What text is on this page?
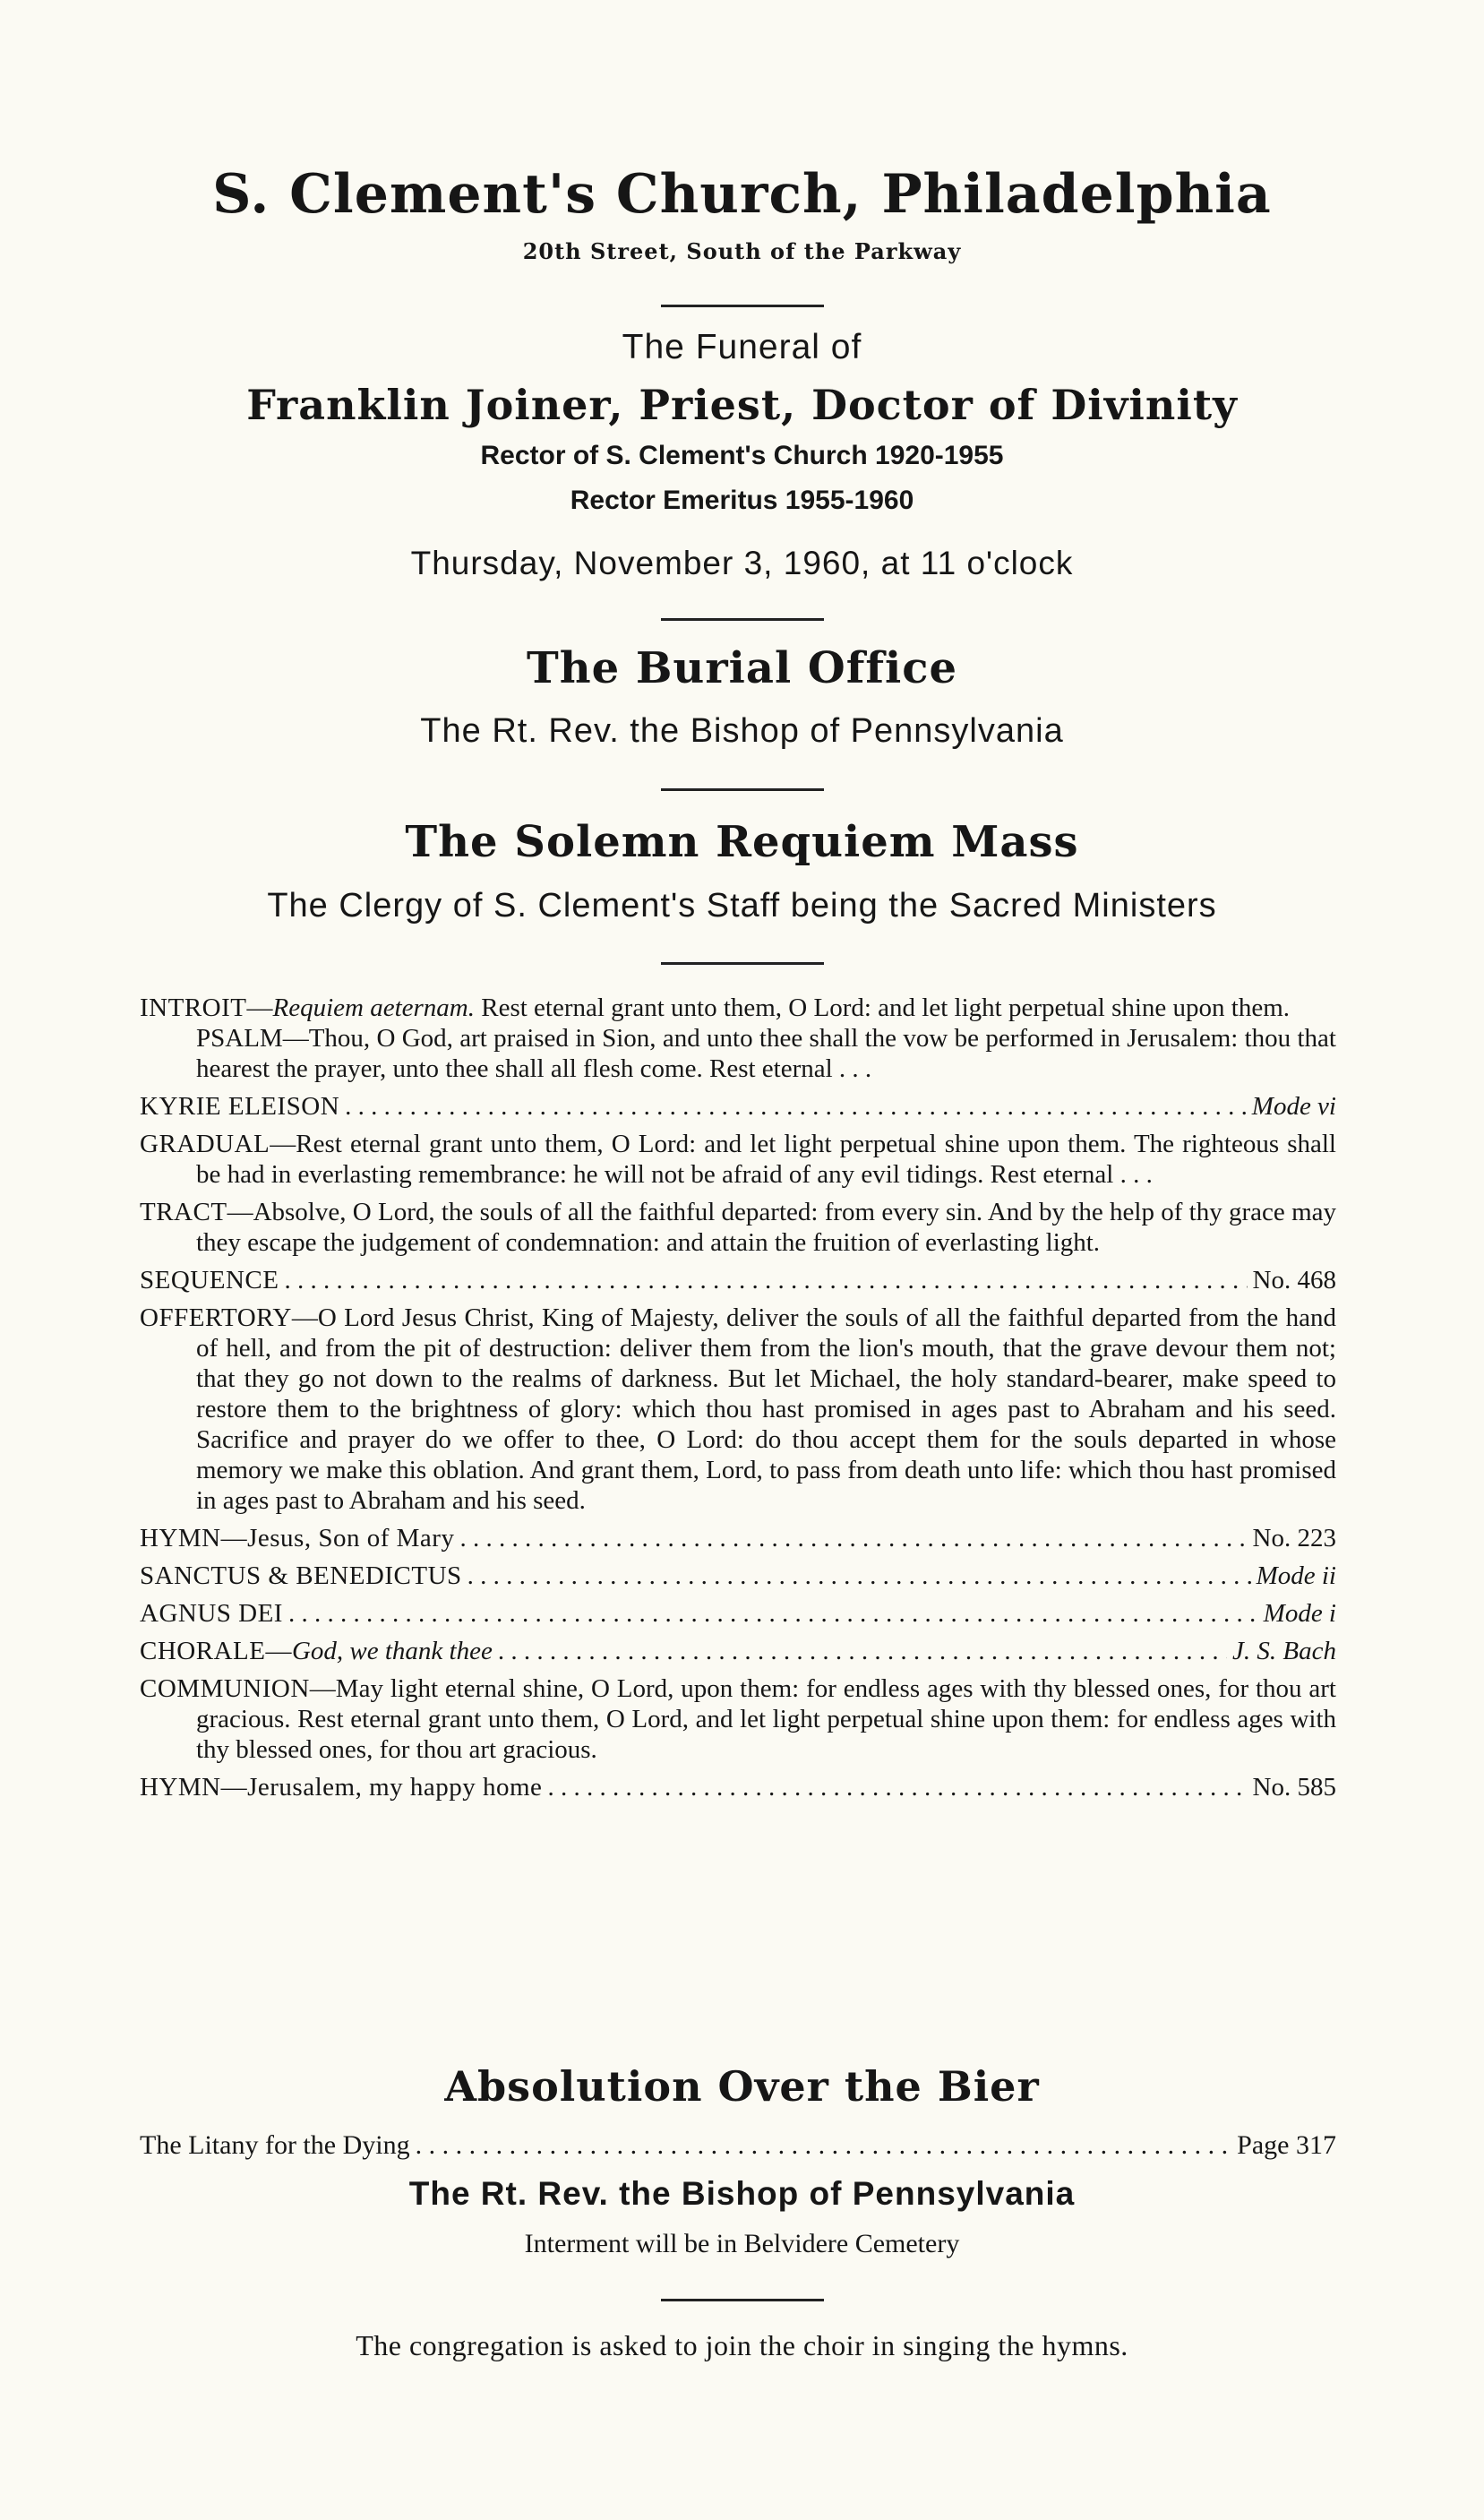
S. Clement's Church, Philadelphia
20th Street, South of the Parkway
The Funeral of
Franklin Joiner, Priest, Doctor of Divinity
Rector of S. Clement's Church 1920-1955
Rector Emeritus 1955-1960
Thursday, November 3, 1960, at 11 o'clock
The Burial Office
The Rt. Rev. the Bishop of Pennsylvania
The Solemn Requiem Mass
The Clergy of S. Clement's Staff being the Sacred Ministers
INTROIT—Requiem aeternam. Rest eternal grant unto them, O Lord: and let light perpetual shine upon them.
PSALM—Thou, O God, art praised in Sion, and unto thee shall the vow be performed in Jerusalem: thou that hearest the prayer, unto thee shall all flesh come. Rest eternal . . .
KYRIE ELEISON . . .	Mode vi
GRADUAL—Rest eternal grant unto them, O Lord: and let light perpetual shine upon them. The righteous shall be had in everlasting remembrance: he will not be afraid of any evil tidings. Rest eternal . . .
TRACT—Absolve, O Lord, the souls of all the faithful departed: from every sin. And by the help of thy grace may they escape the judgement of condemnation: and attain the fruition of everlasting light.
SEQUENCE . . .	No. 468
OFFERTORY—O Lord Jesus Christ, King of Majesty, deliver the souls of all the faithful departed from the hand of hell, and from the pit of destruction: deliver them from the lion's mouth, that the grave devour them not; that they go not down to the realms of darkness. But let Michael, the holy standard-bearer, make speed to restore them to the brightness of glory: which thou hast promised in ages past to Abraham and his seed. Sacrifice and prayer do we offer to thee, O Lord: do thou accept them for the souls departed in whose memory we make this oblation. And grant them, Lord, to pass from death unto life: which thou hast promised in ages past to Abraham and his seed.
HYMN—Jesus, Son of Mary . . .	No. 223
SANCTUS & BENEDICTUS . . .	Mode ii
AGNUS DEI . . .	Mode i
CHORALE—God, we thank thee . . .	J. S. Bach
COMMUNION—May light eternal shine, O Lord, upon them: for endless ages with thy blessed ones, for thou art gracious. Rest eternal grant unto them, O Lord, and let light perpetual shine upon them: for endless ages with thy blessed ones, for thou art gracious.
HYMN—Jerusalem, my happy home . . .	No. 585
Absolution Over the Bier
The Litany for the Dying . . .	Page 317
The Rt. Rev. the Bishop of Pennsylvania
Interment will be in Belvidere Cemetery
The congregation is asked to join the choir in singing the hymns.
